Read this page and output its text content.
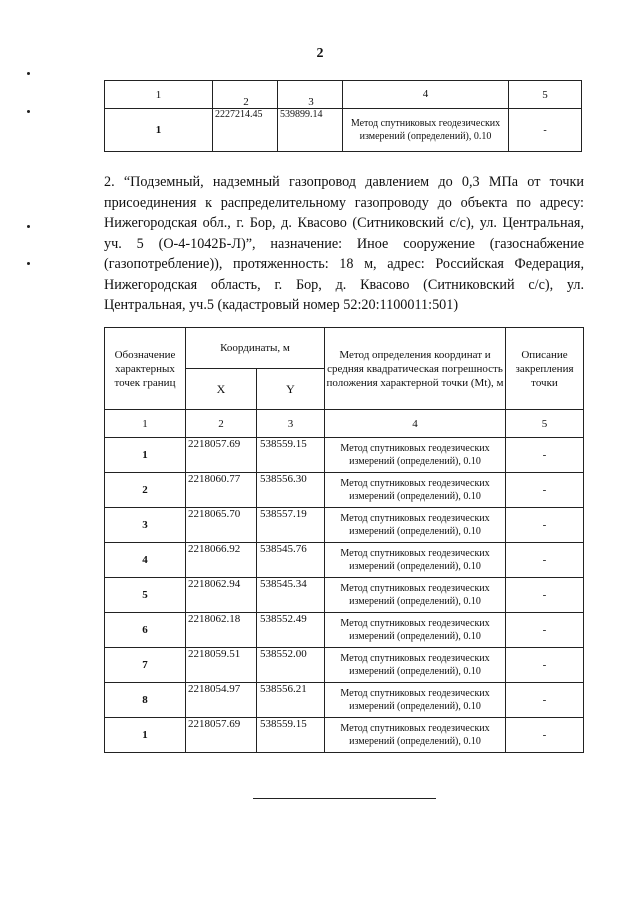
2
1	2	3	4	5
1	2227214.45	539899.14	Метод спутниковых геодезических измерений (определений), 0.10	-
2. “Подземный, надземный газопровод давлением до 0,3 МПа от точки присоединения к распределительному газопроводу до объекта по адресу: Нижегородская обл., г. Бор, д. Квасово (Ситниковский с/с), ул. Центральная, уч. 5 (О-4-1042Б-Л)”, назначение: Иное сооружение (газоснабжение (газопотребление)), протяженность: 18 м, адрес: Российская Федерация, Нижегородская область, г. Бор, д. Квасово (Ситниковский с/с), ул. Центральная, уч.5 (кадастровый номер 52:20:1100011:501)
Обозначение характерных точек границ	Координаты, м		Метод определения координат и средняя квадратическая погрешность положения характерной точки (Mt), м	Описание закрепления точки
	X	Y		
1	2	3	4	5
1	2218057.69	538559.15	Метод спутниковых геодезических измерений (определений), 0.10	-
2	2218060.77	538556.30	Метод спутниковых геодезических измерений (определений), 0.10	-
3	2218065.70	538557.19	Метод спутниковых геодезических измерений (определений), 0.10	-
4	2218066.92	538545.76	Метод спутниковых геодезических измерений (определений), 0.10	-
5	2218062.94	538545.34	Метод спутниковых геодезических измерений (определений), 0.10	-
6	2218062.18	538552.49	Метод спутниковых геодезических измерений (определений), 0.10	-
7	2218059.51	538552.00	Метод спутниковых геодезических измерений (определений), 0.10	-
8	2218054.97	538556.21	Метод спутниковых геодезических измерений (определений), 0.10	-
1	2218057.69	538559.15	Метод спутниковых геодезических измерений (определений), 0.10	-
